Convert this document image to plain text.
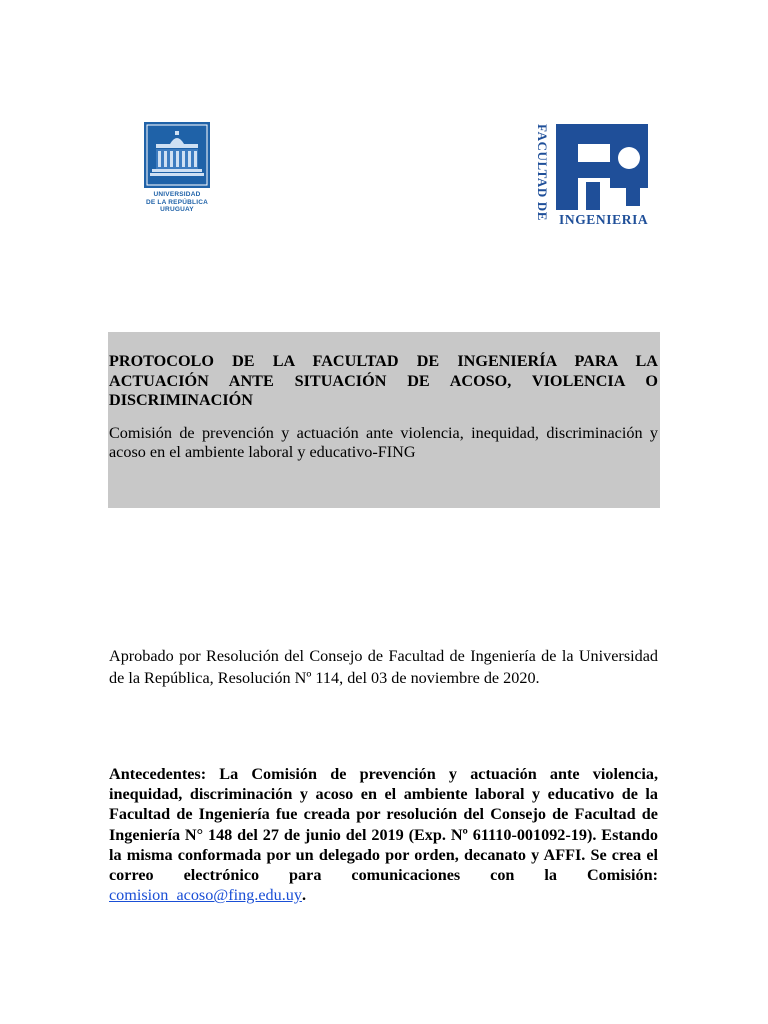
UNIVERSIDAD
DE LA REPÚBLICA
URUGUAY	FACULTAD DE INGENIERIA

PROTOCOLO DE LA FACULTAD DE INGENIERÍA PARA LA ACTUACIÓN ANTE SITUACIÓN DE ACOSO, VIOLENCIA O DISCRIMINACIÓN

Comisión de prevención y actuación ante violencia, inequidad, discriminación y acoso en el ambiente laboral y educativo-FING

Aprobado por Resolución del Consejo de Facultad de Ingeniería de la Universidad de la República, Resolución Nº 114, del 03 de noviembre de 2020.

Antecedentes: La Comisión de prevención y actuación ante violencia, inequidad, discriminación y acoso en el ambiente laboral y educativo de la Facultad de Ingeniería fue creada por resolución del Consejo de Facultad de Ingeniería N° 148 del 27 de junio del 2019 (Exp. Nº 61110-001092-19). Estando la misma conformada por un delegado por orden, decanato y AFFI. Se crea el correo electrónico para comunicaciones con la Comisión: comision_acoso@fing.edu.uy.
